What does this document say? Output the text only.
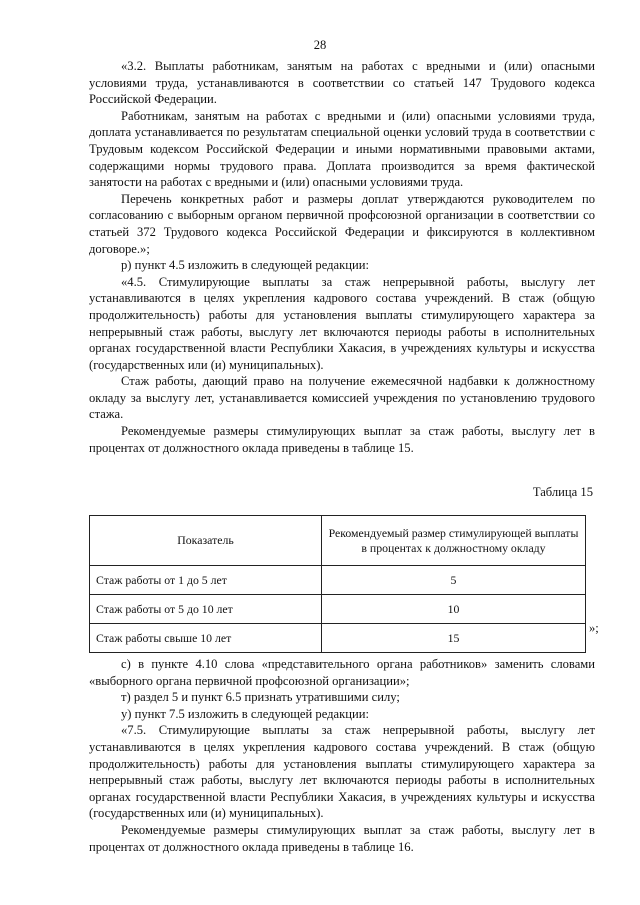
28

«3.2. Выплаты работникам, занятым на работах с вредными и (или) опасными условиями труда, устанавливаются в соответствии со статьей 147 Трудового кодекса Российской Федерации.

Работникам, занятым на работах с вредными и (или) опасными условиями труда, доплата устанавливается по результатам специальной оценки условий труда в соответствии с Трудовым кодексом Российской Федерации и иными нормативными правовыми актами, содержащими нормы трудового права. Доплата производится за время фактической занятости на работах с вредными и (или) опасными условиями труда.

Перечень конкретных работ и размеры доплат утверждаются руководителем по согласованию с выборным органом первичной профсоюзной организации в соответствии со статьей 372 Трудового кодекса Российской Федерации и фиксируются в коллективном договоре.»;

р) пункт 4.5 изложить в следующей редакции:

«4.5. Стимулирующие выплаты за стаж непрерывной работы, выслугу лет устанавливаются в целях укрепления кадрового состава учреждений. В стаж (общую продолжительность) работы для установления выплаты стимулирующего характера за непрерывный стаж работы, выслугу лет включаются периоды работы в исполнительных органах государственной власти Республики Хакасия, в учреждениях культуры и искусства (государственных или (и) муниципальных).

Стаж работы, дающий право на получение ежемесячной надбавки к должностному окладу за выслугу лет, устанавливается комиссией учреждения по установлению трудового стажа.

Рекомендуемые размеры стимулирующих выплат за стаж работы, выслугу лет в процентах от должностного оклада приведены в таблице 15.

Таблица 15
Показатель	Рекомендуемый размер стимулирующей выплаты в процентах к должностному окладу
Стаж работы от 1 до 5 лет	5
Стаж работы от 5 до 10 лет	10
Стаж работы свыше 10 лет	15
»;

с) в пункте 4.10 слова «представительного органа работников» заменить словами «выборного органа первичной профсоюзной организации»;

т) раздел 5 и пункт 6.5 признать утратившими силу;

у) пункт 7.5 изложить в следующей редакции:

«7.5. Стимулирующие выплаты за стаж непрерывной работы, выслугу лет устанавливаются в целях укрепления кадрового состава учреждений. В стаж (общую продолжительность) работы для установления выплаты стимулирующего характера за непрерывный стаж работы, выслугу лет включаются периоды работы в исполнительных органах государственной власти Республики Хакасия, в учреждениях культуры и искусства (государственных или (и) муниципальных).

Рекомендуемые размеры стимулирующих выплат за стаж работы, выслугу лет в процентах от должностного оклада приведены в таблице 16.
